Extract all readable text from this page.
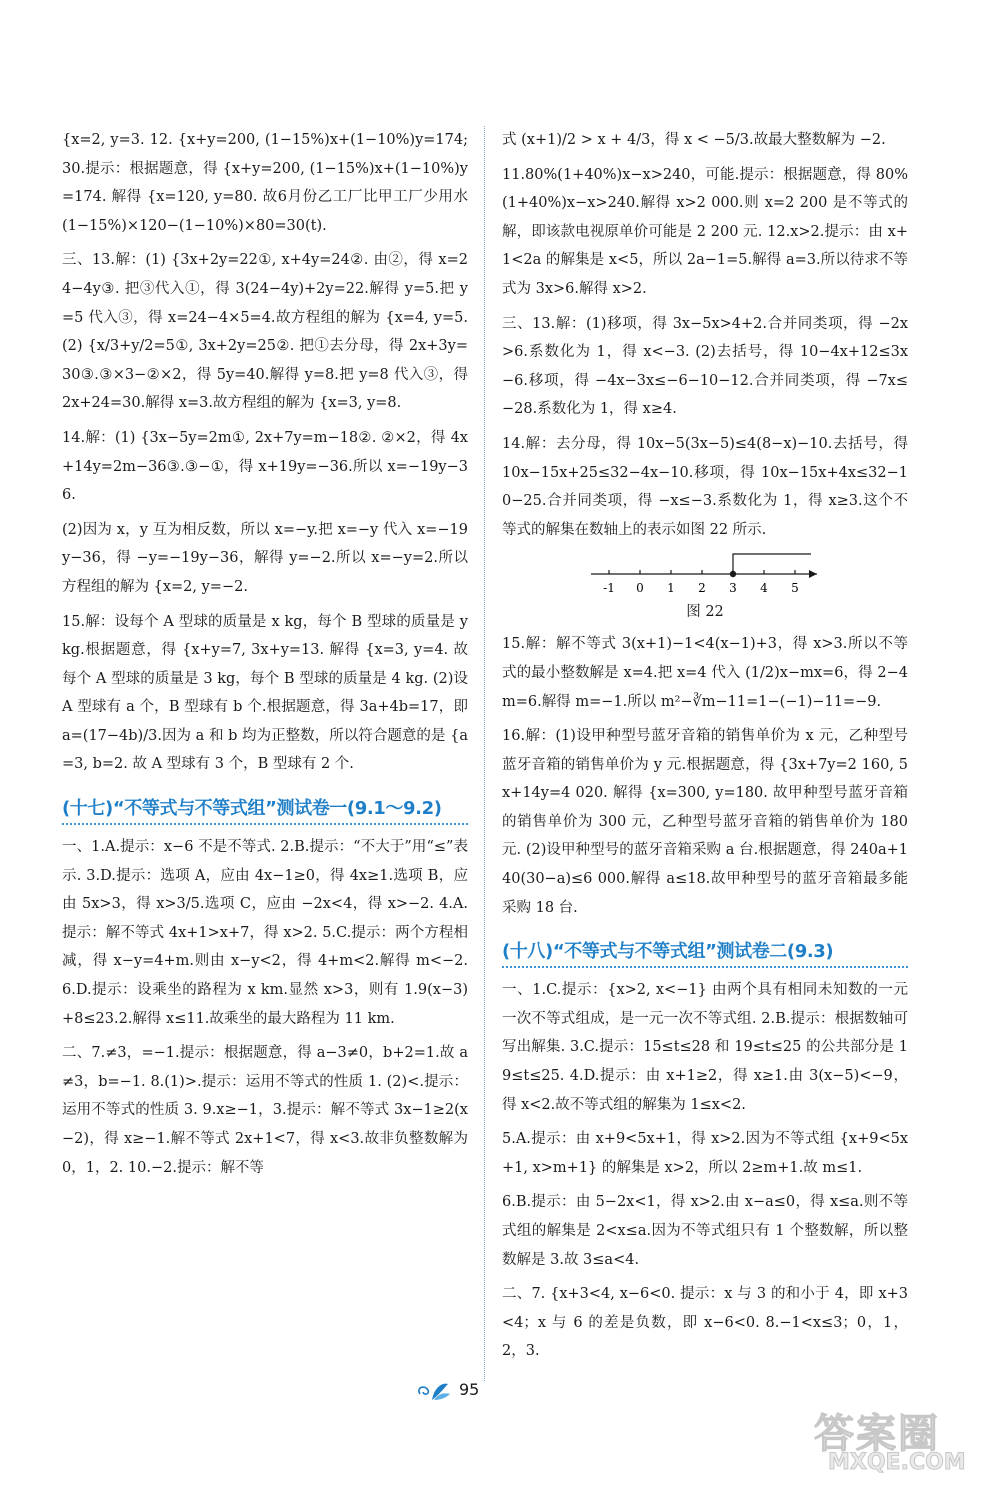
{x=2, y=3. 12. {x+y=200, (1−15%)x+(1−10%)y=174; 30.提示：根据题意，得 {x+y=200, (1−15%)x+(1−10%)y=174. 解得 {x=120, y=80. 故6月份乙工厂比甲工厂少用水(1−15%)×120−(1−10%)×80=30(t).

三、13.解：(1) {3x+2y=22①, x+4y=24②. 由②，得 x=24−4y③. 把③代入①，得 3(24−4y)+2y=22.解得 y=5.把 y=5 代入③，得 x=24−4×5=4.故方程组的解为 {x=4, y=5. (2) {x/3+y/2=5①, 3x+2y=25②. 把①去分母，得 2x+3y=30③.③×3−②×2，得 5y=40.解得 y=8.把 y=8 代入③，得 2x+24=30.解得 x=3.故方程组的解为 {x=3, y=8.

14.解：(1) {3x−5y=2m①, 2x+7y=m−18②. ②×2，得 4x+14y=2m−36③.③−①，得 x+19y=−36.所以 x=−19y−36.

(2)因为 x，y 互为相反数，所以 x=−y.把 x=−y 代入 x=−19y−36，得 −y=−19y−36，解得 y=−2.所以 x=−y=2.所以方程组的解为 {x=2, y=−2.

15.解：设每个 A 型球的质量是 x kg，每个 B 型球的质量是 y kg.根据题意，得 {x+y=7, 3x+y=13. 解得 {x=3, y=4. 故每个 A 型球的质量是 3 kg，每个 B 型球的质量是 4 kg. (2)设 A 型球有 a 个，B 型球有 b 个.根据题意，得 3a+4b=17，即 a=(17−4b)/3.因为 a 和 b 均为正整数，所以符合题意的是 {a=3, b=2. 故 A 型球有 3 个，B 型球有 2 个.

(十七)“不等式与不等式组”测试卷一(9.1～9.2)

一、1.A.提示：x−6 不是不等式. 2.B.提示：“不大于”用“≤”表示. 3.D.提示：选项 A，应由 4x−1≥0，得 4x≥1.选项 B，应由 5x>3，得 x>3/5.选项 C，应由 −2x<4，得 x>−2. 4.A.提示：解不等式 4x+1>x+7，得 x>2. 5.C.提示：两个方程相减，得 x−y=4+m.则由 x−y<2，得 4+m<2.解得 m<−2. 6.D.提示：设乘坐的路程为 x km.显然 x>3，则有 1.9(x−3)+8≤23.2.解得 x≤11.故乘坐的最大路程为 11 km.

二、7.≠3，=−1.提示：根据题意，得 a−3≠0，b+2=1.故 a≠3，b=−1. 8.(1)>.提示：运用不等式的性质 1. (2)<.提示：运用不等式的性质 3. 9.x≥−1，3.提示：解不等式 3x−1≥2(x−2)，得 x≥−1.解不等式 2x+1<7，得 x<3.故非负整数解为 0，1，2. 10.−2.提示：解不等

式 (x+1)/2 > x + 4/3，得 x < −5/3.故最大整数解为 −2.

11.80%(1+40%)x−x>240，可能.提示：根据题意，得 80%(1+40%)x−x>240.解得 x>2 000.则 x=2 200 是不等式的解，即该款电视原单价可能是 2 200 元. 12.x>2.提示：由 x+1<2a 的解集是 x<5，所以 2a−1=5.解得 a=3.所以待求不等式为 3x>6.解得 x>2.

三、13.解：(1)移项，得 3x−5x>4+2.合并同类项，得 −2x>6.系数化为 1，得 x<−3. (2)去括号，得 10−4x+12≤3x−6.移项，得 −4x−3x≤−6−10−12.合并同类项，得 −7x≤−28.系数化为 1，得 x≥4.

14.解：去分母，得 10x−5(3x−5)≤4(8−x)−10.去括号，得 10x−15x+25≤32−4x−10.移项，得 10x−15x+4x≤32−10−25.合并同类项，得 −x≤−3.系数化为 1，得 x≥3.这个不等式的解集在数轴上的表示如图 22 所示.

-1 0 1 2 3 4 5
图 22

15.解：解不等式 3(x+1)−1<4(x−1)+3，得 x>3.所以不等式的最小整数解是 x=4.把 x=4 代入 (1/2)x−mx=6，得 2−4m=6.解得 m=−1.所以 m²−∛m−11=1−(−1)−11=−9.

16.解：(1)设甲种型号蓝牙音箱的销售单价为 x 元，乙种型号蓝牙音箱的销售单价为 y 元.根据题意，得 {3x+7y=2 160, 5x+14y=4 020. 解得 {x=300, y=180. 故甲种型号蓝牙音箱的销售单价为 300 元，乙种型号蓝牙音箱的销售单价为 180 元. (2)设甲种型号的蓝牙音箱采购 a 台.根据题意，得 240a+140(30−a)≤6 000.解得 a≤18.故甲种型号的蓝牙音箱最多能采购 18 台.

(十八)“不等式与不等式组”测试卷二(9.3)

一、1.C.提示：{x>2, x<−1} 由两个具有相同未知数的一元一次不等式组成，是一元一次不等式组. 2.B.提示：根据数轴可写出解集. 3.C.提示：15≤t≤28 和 19≤t≤25 的公共部分是 19≤t≤25. 4.D.提示：由 x+1≥2，得 x≥1.由 3(x−5)<−9，得 x<2.故不等式组的解集为 1≤x<2.

5.A.提示：由 x+9<5x+1，得 x>2.因为不等式组 {x+9<5x+1, x>m+1} 的解集是 x>2，所以 2≥m+1.故 m≤1.

6.B.提示：由 5−2x<1，得 x>2.由 x−a≤0，得 x≤a.则不等式组的解集是 2<x≤a.因为不等式组只有 1 个整数解，所以整数解是 3.故 3≤a<4.

二、7. {x+3<4, x−6<0. 提示：x 与 3 的和小于 4，即 x+3<4；x 与 6 的差是负数，即 x−6<0. 8.−1<x≤3；0，1，2，3.

95
答案圈
MXQE.COM
